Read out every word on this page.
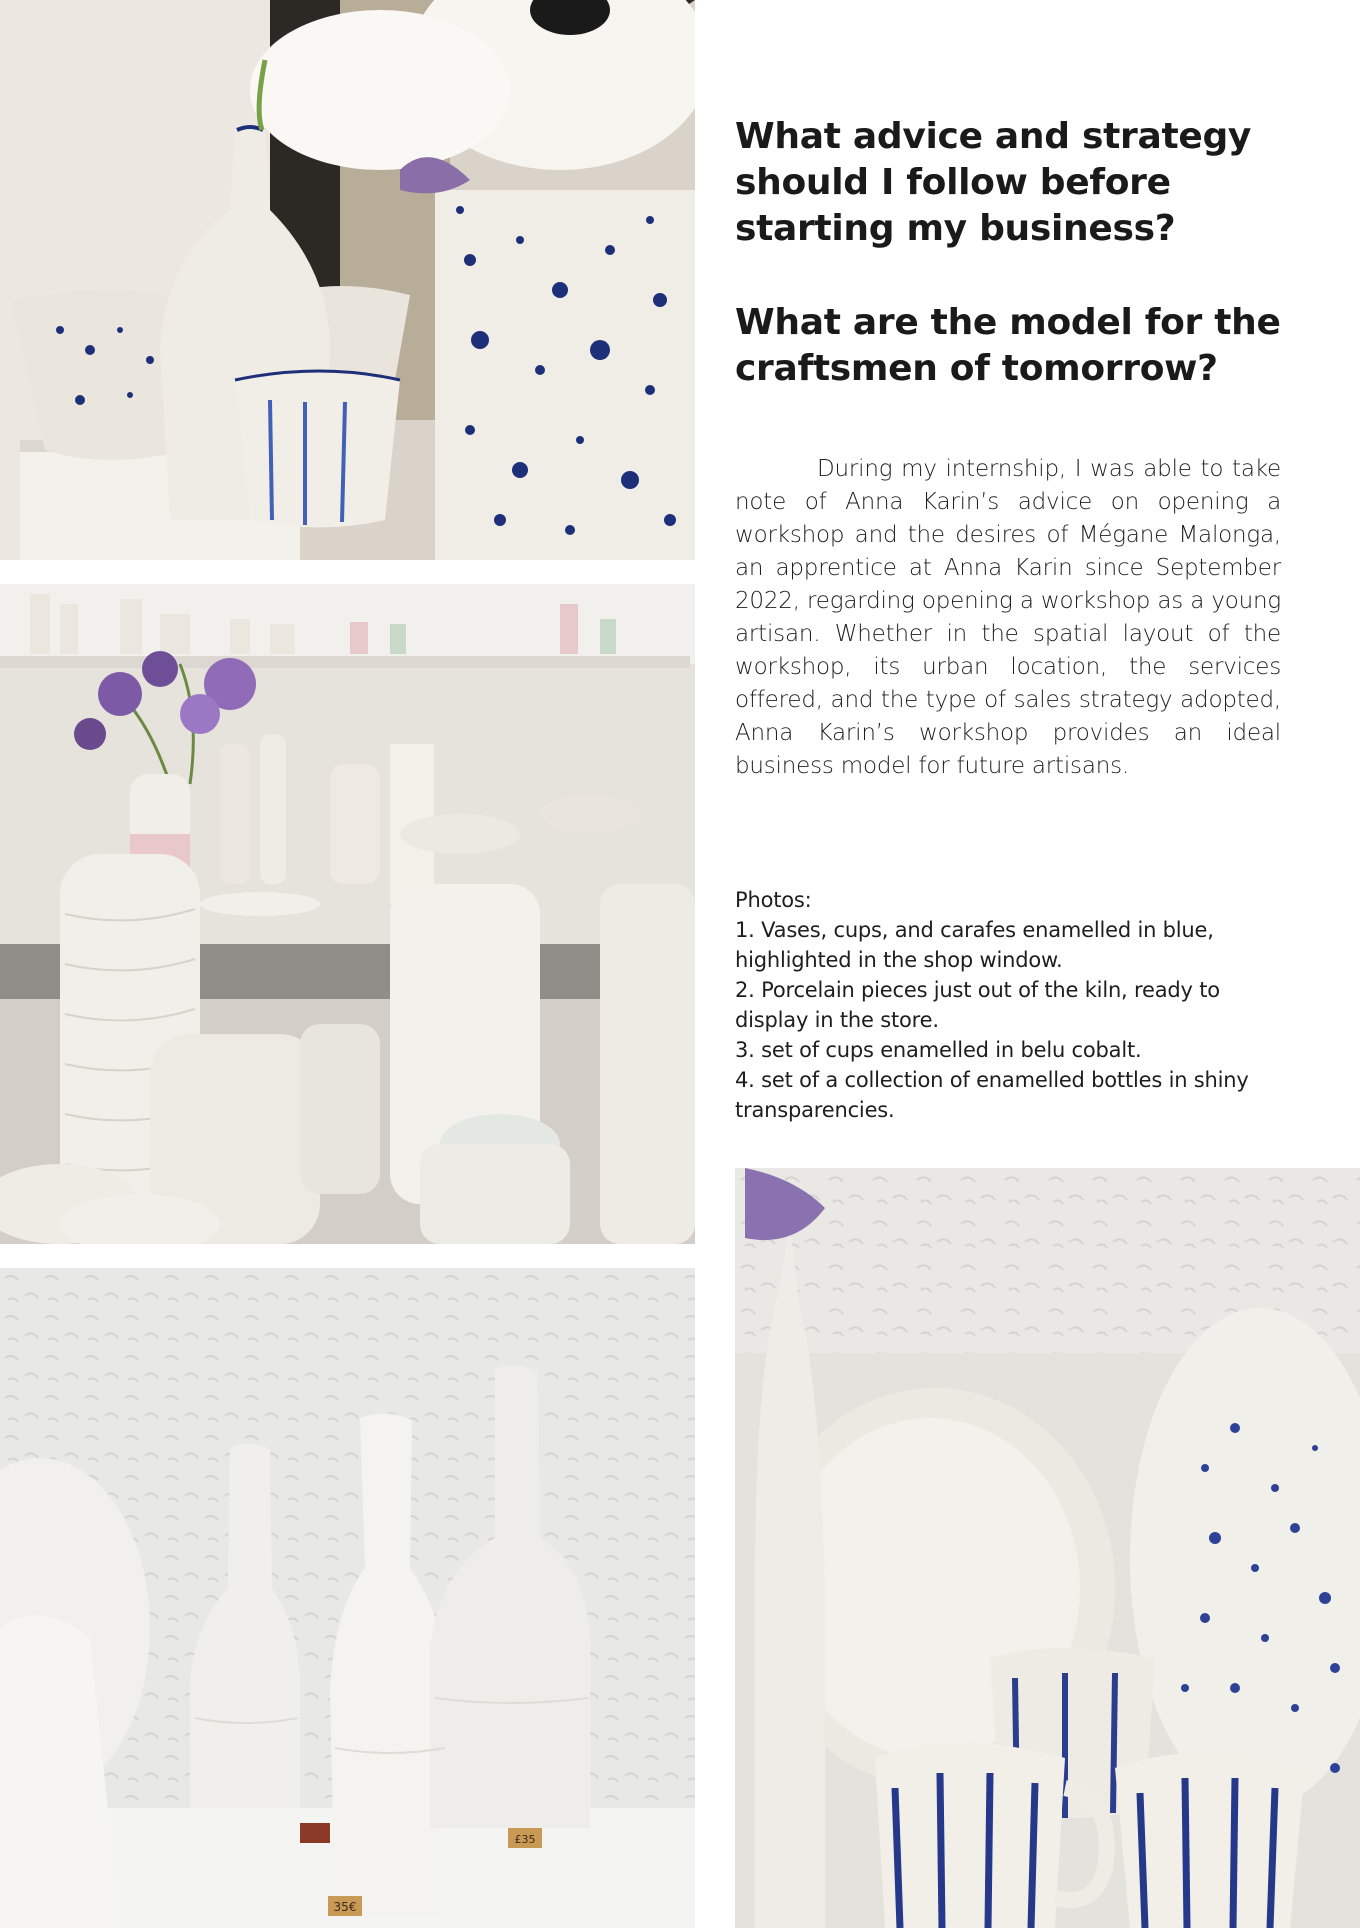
35€
£35
What advice and strategy should I follow before starting my business?
What are the model for the craftsmen of tomorrow?

During my internship, I was able to take note of Anna Karin’s advice on opening a workshop and the desires of Mégane Malonga, an apprentice at Anna Karin since September 2022, regarding opening a workshop as a young artisan. Whether in the spatial layout of the workshop, its urban location, the services offered, and the type of sales strategy adopted, Anna Karin’s workshop provides an ideal business model for future artisans.

Photos:
1. Vases, cups, and carafes enamelled in blue, highlighted in the shop window.
2. Porcelain pieces just out of the kiln, ready to display in the store.
3. set of cups enamelled in belu cobalt.
4. set of a collection of enamelled bottles in shiny transparencies.
